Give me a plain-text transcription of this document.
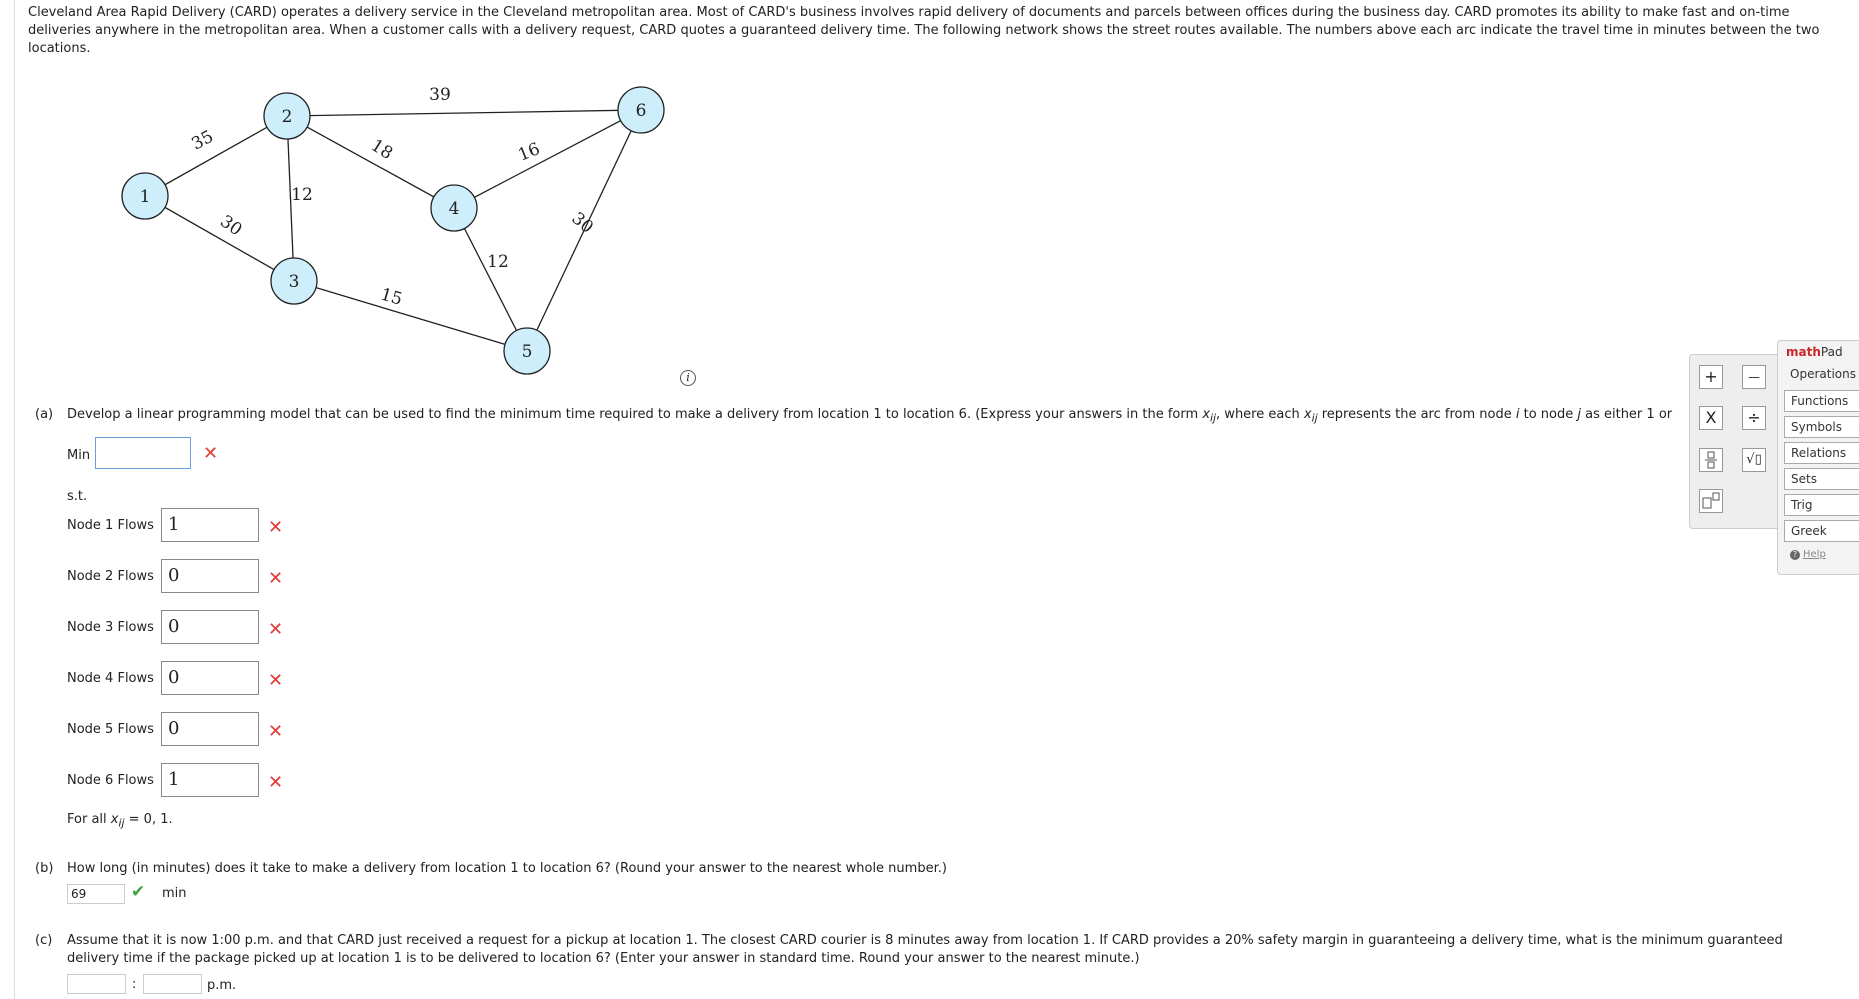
Cleveland Area Rapid Delivery (CARD) operates a delivery service in the Cleveland metropolitan area. Most of CARD's business involves rapid delivery of documents and parcels between offices during the business day. CARD promotes its ability to make fast and on-time deliveries anywhere in the metropolitan area. When a customer calls with a delivery request, CARD quotes a guaranteed delivery time. The following network shows the street routes available. The numbers above each arc indicate the travel time in minutes between the two locations.
35
30
12
18
39
15
12
16
30
1
2
3
4
5
6
i
(a) Develop a linear programming model that can be used to find the minimum time required to make a delivery from location 1 to location 6. (Express your answers in the form $x_{ij}$, where each $x_{ij}$ represents the arc from node i to node j as either 1 or
Min	✕
s.t.
Node 1 Flows 1	✕
Node 2 Flows 0	✕
Node 3 Flows 0	✕
Node 4 Flows 0	✕
Node 5 Flows 0	✕
Node 6 Flows 1	✕
For all $x_{ij} = 0$, 1.
(b) How long (in minutes) does it take to make a delivery from location 1 to location 6? (Round your answer to the nearest whole number.)
69	✔ min
(c)	Assume that it is now 1:00 p.m. and that CARD just received a request for a pickup at location 1. The closest CARD courier is 8 minutes away from location 1. If CARD provides a 20% safety margin in guaranteeing a delivery time, what is the minimum guaranteed
delivery time if the package picked up at location 1 is to be delivered to location 6? (Enter your answer in standard time. Round your answer to the nearest minute.)
:	p.m.
+	—
X	÷
√▯
mathPad
Operations
Functions
Symbols
Relations
Sets
Trig
Greek
? Help
